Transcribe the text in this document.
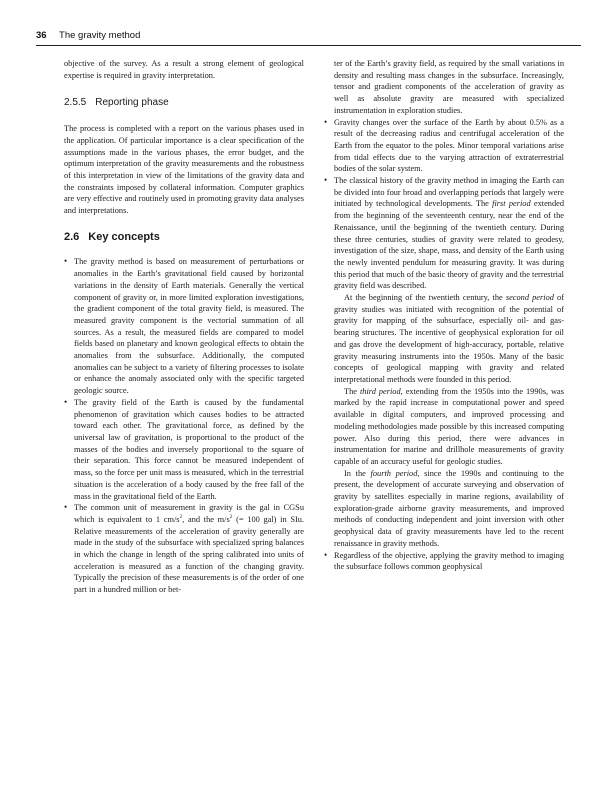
36 The gravity method

objective of the survey. As a result a strong element of geological expertise is required in gravity interpretation.

2.5.5 Reporting phase

The process is completed with a report on the various phases used in the application. Of particular importance is a clear specification of the assumptions made in the various phases, the error budget, and the optimum interpretation of the gravity measurements and the robustness of this interpretation in view of the limitations of the gravity data and the constraints imposed by collateral information. Computer graphics are very effective and routinely used in promoting gravity data analyses and interpretations.

2.6 Key concepts
• The gravity method is based on measurement of perturbations or anomalies in the Earth’s gravitational field caused by horizontal variations in the density of Earth materials. Generally the vertical component of gravity or, in more limited exploration investigations, the gradient component of the total gravity field, is measured. The measured gravity component is the vectorial summation of all sources. As a result, the measured fields are compared to model fields based on planetary and known geological effects to obtain the anomalies from the subsurface. Additionally, the computed anomalies can be subject to a variety of filtering processes to isolate or enhance the anomaly associated only with the specific targeted geologic source.
• The gravity field of the Earth is caused by the fundamental phenomenon of gravitation which causes bodies to be attracted toward each other. The gravitational force, as defined by the universal law of gravitation, is proportional to the product of the masses of the bodies and inversely proportional to the square of their separation. This force cannot be measured independent of mass, so the force per unit mass is measured, which in the terrestrial situation is the acceleration of a body caused by the free fall of the mass in the gravitational field of the Earth.
• The common unit of measurement in gravity is the gal in CGSu which is equivalent to 1 $cm/s^2$, and the $m/s^2$ (= 100 gal) in SIu. Relative measurements of the acceleration of gravity generally are made in the study of the subsurface with specialized spring balances in which the change in length of the spring calibrated into units of acceleration is measured as a function of the changing gravity. Typically the precision of these measurements is of the order of one part in a hundred million or bet-
ter of the Earth’s gravity field, as required by the small variations in density and resulting mass changes in the subsurface. Increasingly, tensor and gradient components of the acceleration of gravity as well as absolute gravity are measured with specialized instrumentation in exploration studies.
• Gravity changes over the surface of the Earth by about 0.5% as a result of the decreasing radius and centrifugal acceleration of the Earth from the equator to the poles. Minor temporal variations arise from tidal effects due to the varying attraction of extraterrestrial bodies of the solar system.
• The classical history of the gravity method in imaging the Earth can be divided into four broad and overlapping periods that largely were initiated by technological developments. The first period extended from the beginning of the seventeenth century, near the end of the Renaissance, until the beginning of the twentieth century. During these three centuries, studies of gravity were related to geodesy, investigation of the size, shape, mass, and density of the Earth using the newly invented pendulum for measuring gravity. It was during this period that much of the basic theory of gravity and the terrestrial gravity field was described.

At the beginning of the twentieth century, the second period of gravity studies was initiated with recognition of the potential of gravity for mapping of the subsurface, especially oil- and gas-bearing structures. The incentive of geophysical exploration for oil and gas drove the development of high-accuracy, portable, relative gravity measuring instruments into the 1950s. Many of the basic concepts of geological mapping with gravity and related interpretational methods were founded in this period.

The third period, extending from the 1950s into the 1990s, was marked by the rapid increase in computational power and speed available in digital computers, and improved processing and modeling methodologies made possible by this increased computing power. Also during this period, there were advances in instrumentation for marine and drillhole measurements of gravity capable of an accuracy useful for geologic studies.

In the fourth period, since the 1990s and continuing to the present, the development of accurate surveying and observation of gravity by satellites especially in marine regions, availability of exploration-grade airborne gravity measurements, and improved methods of conducting independent and joint inversion with other geophysical data of gravity measurements have led to the recent renaissance in gravity methods.

• Regardless of the objective, applying the gravity method to imaging the subsurface follows common geophysical
